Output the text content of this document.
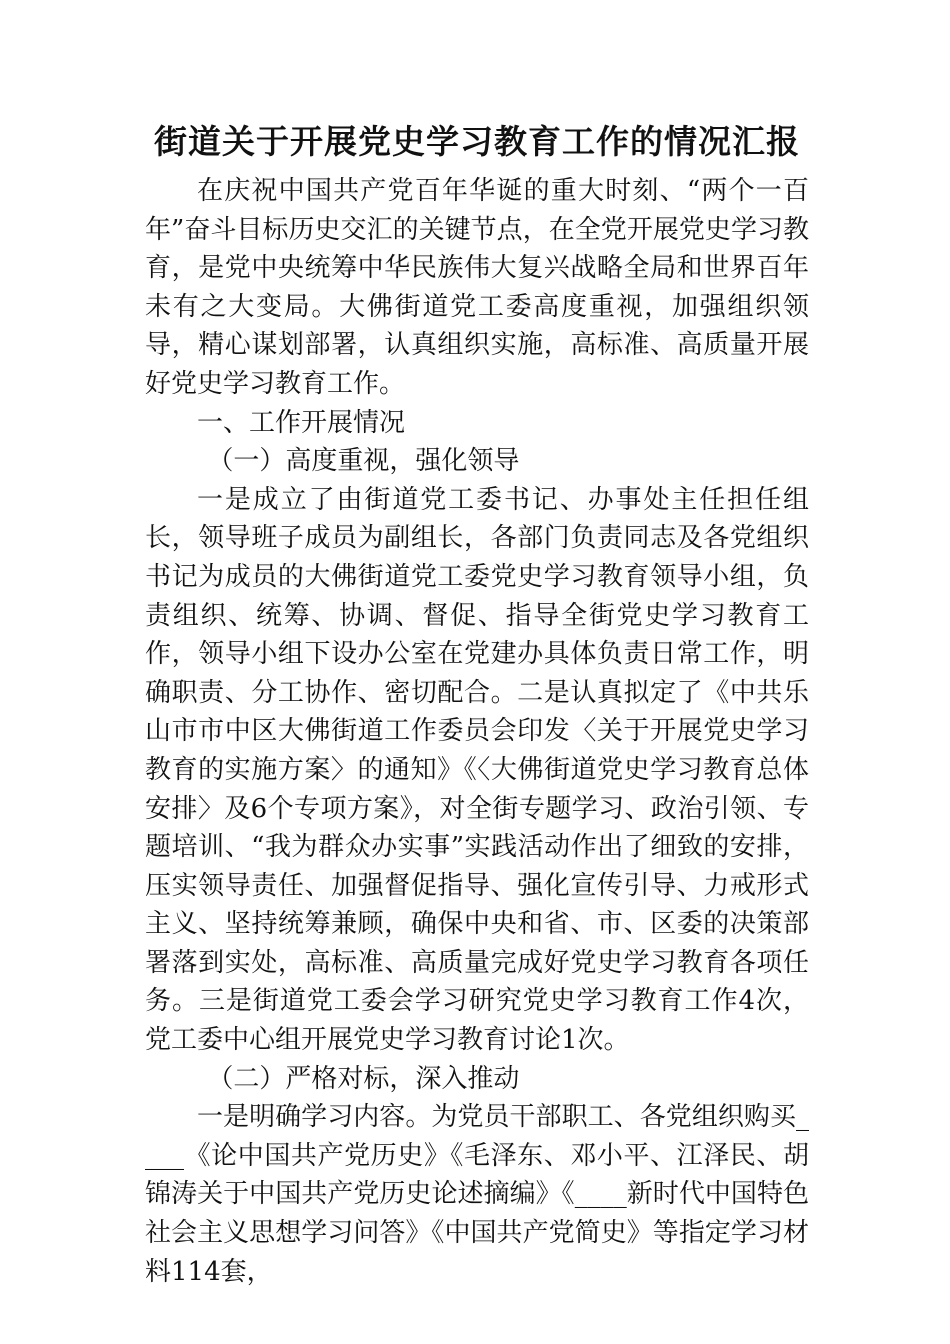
街道关于开展党史学习教育工作的情况汇报

在庆祝中国共产党百年华诞的重大时刻、“两个一百年”奋斗目标历史交汇的关键节点，在全党开展党史学习教育，是党中央统筹中华民族伟大复兴战略全局和世界百年未有之大变局。大佛街道党工委高度重视，加强组织领导，精心谋划部署，认真组织实施，高标准、高质量开展好党史学习教育工作。

一、工作开展情况

（一）高度重视，强化领导

一是成立了由街道党工委书记、办事处主任担任组长，领导班子成员为副组长，各部门负责同志及各党组织书记为成员的大佛街道党工委党史学习教育领导小组，负责组织、统筹、协调、督促、指导全街党史学习教育工作，领导小组下设办公室在党建办具体负责日常工作，明确职责、分工协作、密切配合。二是认真拟定了《中共乐山市市中区大佛街道工作委员会印发〈关于开展党史学习教育的实施方案〉的通知》《〈大佛街道党史学习教育总体安排〉及6个专项方案》，对全街专题学习、政治引领、专题培训、“我为群众办实事”实践活动作出了细致的安排，压实领导责任、加强督促指导、强化宣传引导、力戒形式主义、坚持统筹兼顾，确保中央和省、市、区委的决策部署落到实处，高标准、高质量完成好党史学习教育各项任务。三是街道党工委会学习研究党史学习教育工作4次，党工委中心组开展党史学习教育讨论1次。

（二）严格对标，深入推动

一是明确学习内容。为党员干部职工、各党组织购买____《论中国共产党历史》《毛泽东、邓小平、江泽民、胡锦涛关于中国共产党历史论述摘编》《____新时代中国特色社会主义思想学习问答》《中国共产党简史》等指定学习材料114套，
